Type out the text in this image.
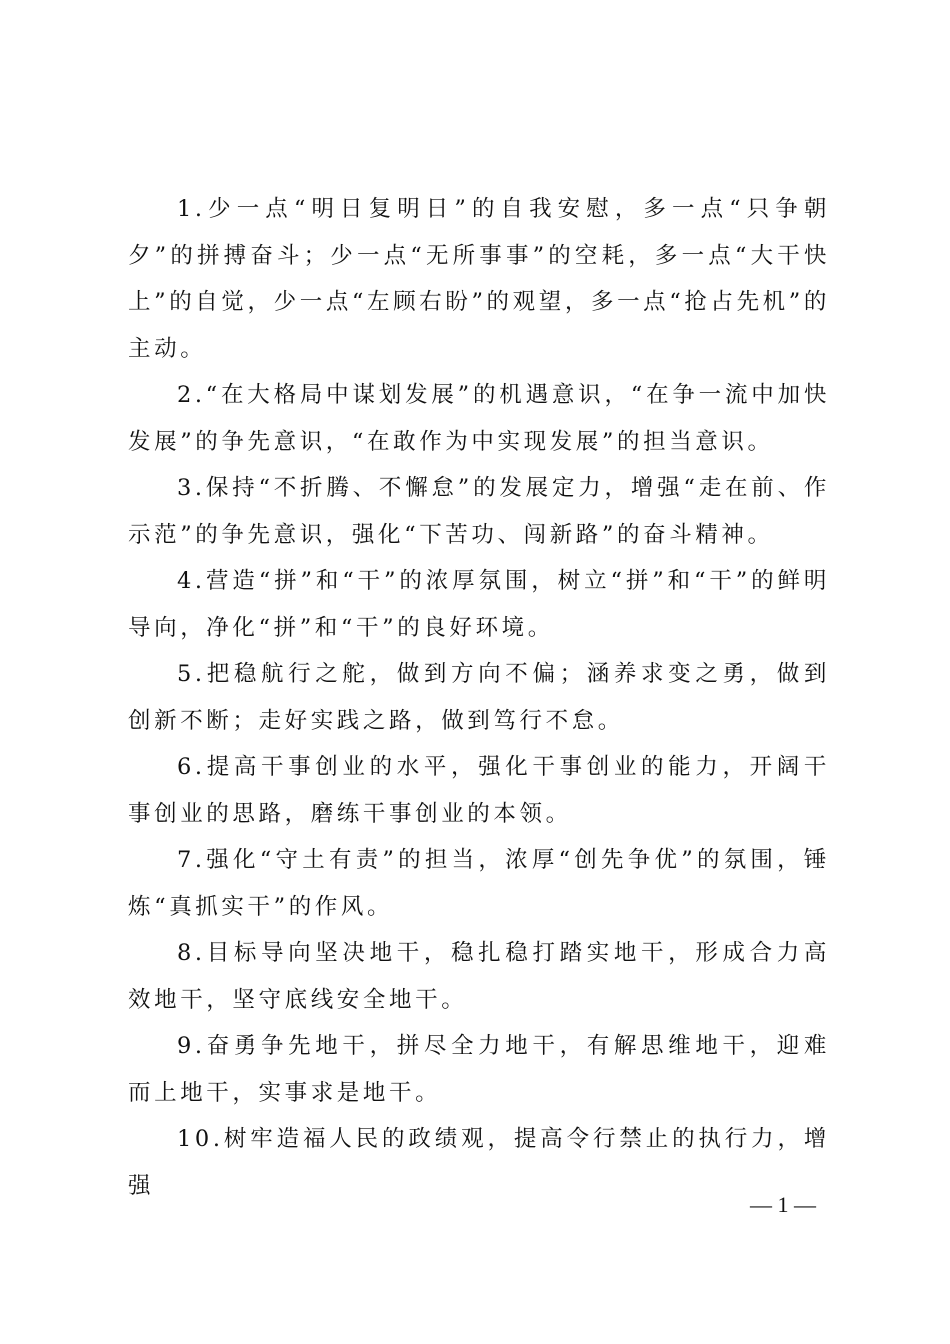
1.少一点“明日复明日”的自我安慰，多一点“只争朝夕”的拼搏奋斗；少一点“无所事事”的空耗，多一点“大干快上”的自觉，少一点“左顾右盼”的观望，多一点“抢占先机”的主动。

2.“在大格局中谋划发展”的机遇意识，“在争一流中加快发展”的争先意识，“在敢作为中实现发展”的担当意识。

3.保持“不折腾、不懈怠”的发展定力，增强“走在前、作示范”的争先意识，强化“下苦功、闯新路”的奋斗精神。

4.营造“拼”和“干”的浓厚氛围，树立“拼”和“干”的鲜明导向，净化“拼”和“干”的良好环境。

5.把稳航行之舵，做到方向不偏；涵养求变之勇，做到创新不断；走好实践之路，做到笃行不怠。

6.提高干事创业的水平，强化干事创业的能力，开阔干事创业的思路，磨练干事创业的本领。

7.强化“守土有责”的担当，浓厚“创先争优”的氛围，锤炼“真抓实干”的作风。

8.目标导向坚决地干，稳扎稳打踏实地干，形成合力高效地干，坚守底线安全地干。

9.奋勇争先地干，拼尽全力地干，有解思维地干，迎难而上地干，实事求是地干。

10.树牢造福人民的政绩观，提高令行禁止的执行力，增强

— 1 —
